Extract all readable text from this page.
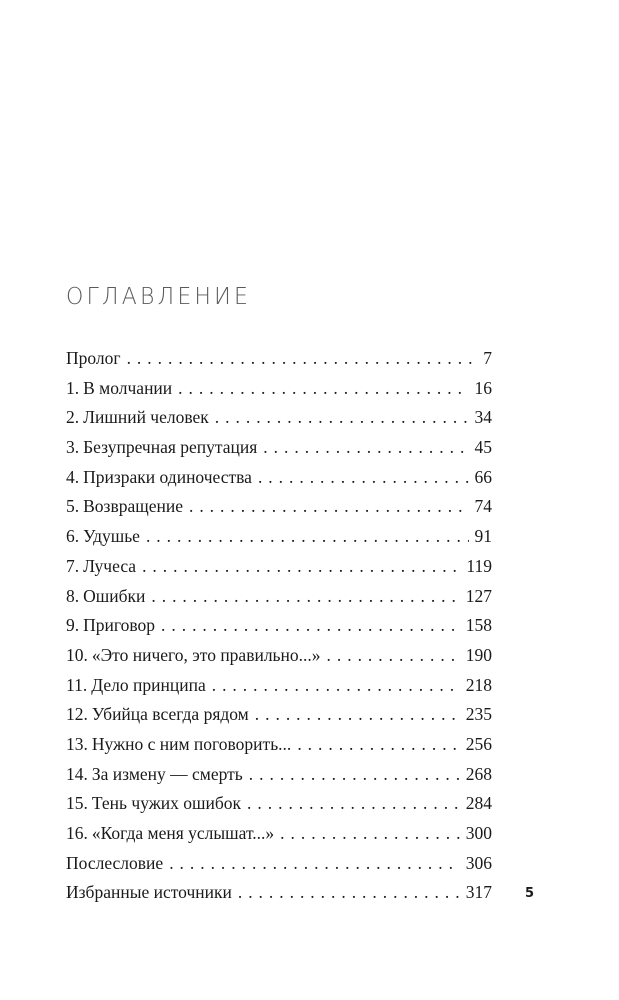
ОГЛАВЛЕНИЕ
Пролог . . .	7
1. В молчании . . .	16
2. Лишний человек . . .	34
3. Безупречная репутация . . .	45
4. Призраки одиночества . . .	66
5. Возвращение . . .	74
6. Удушье . . .	91
7. Лучеса . . .	119
8. Ошибки . . .	127
9. Приговор . . .	158
10. «Это ничего, это правильно...» . . .	190
11. Дело принципа . . .	218
12. Убийца всегда рядом . . .	235
13. Нужно с ним поговорить... . . .	256
14. За измену — смерть . . .	268
15. Тень чужих ошибок . . .	284
16. «Когда меня услышат...» . . .	300
Послесловие . . .	306
Избранные источники . . .	317	5
